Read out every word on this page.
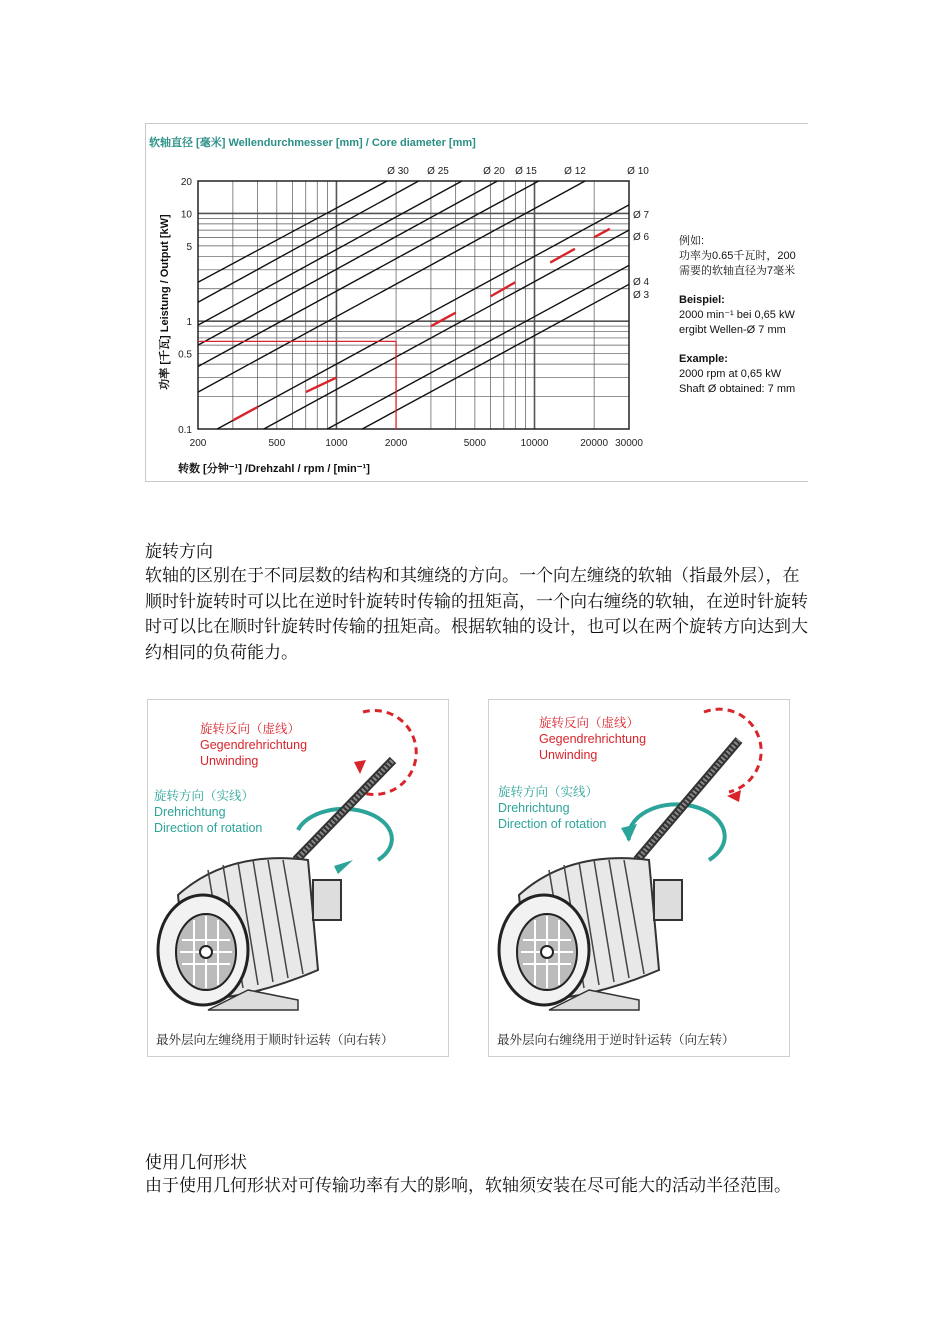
20
10
5
1
0.5
0.1
200	500	1000	2000	5000	10000	20000 30000
Ø 30 Ø 25	Ø 20 Ø 15	Ø 12	Ø 10
Ø 7
Ø 6
Ø 4
Ø 3
软轴直径 [毫米] Wellendurchmesser [mm] / Core diameter [mm]
转数 [分钟⁻¹] /Drehzahl / rpm / [min⁻¹]
功率 [千瓦] Leistung / Output [kW]	例如:
功率为0.65千瓦时，200
需要的软轴直径为7毫米
Beispiel:
2000 min⁻¹ bei 0,65 kW
ergibt Wellen-Ø 7 mm
Example:
2000 rpm at 0,65 kW
Shaft Ø obtained: 7 mm
旋转方向
软轴的区别在于不同层数的结构和其缠绕的方向。一个向左缠绕的软轴（指最外层），在顺时针旋转时可以比在逆时针旋转时传输的扭矩高，一个向右缠绕的软轴，在逆时针旋转时可以比在顺时针旋转时传输的扭矩高。根据软轴的设计，也可以在两个旋转方向达到大约相同的负荷能力。
旋转反向（虚线）
Gegendrehrichtung
Unwinding
旋转方向（实线）
Drehrichtung
Direction of rotation
最外层向左缠绕用于顺时针运转（向右转）
旋转反向（虚线）
Gegendrehrichtung
Unwinding
旋转方向（实线）
Drehrichtung
Direction of rotation
最外层向右缠绕用于逆时针运转（向左转）
使用几何形状
由于使用几何形状对可传输功率有大的影响，软轴须安装在尽可能大的活动半径范围。
